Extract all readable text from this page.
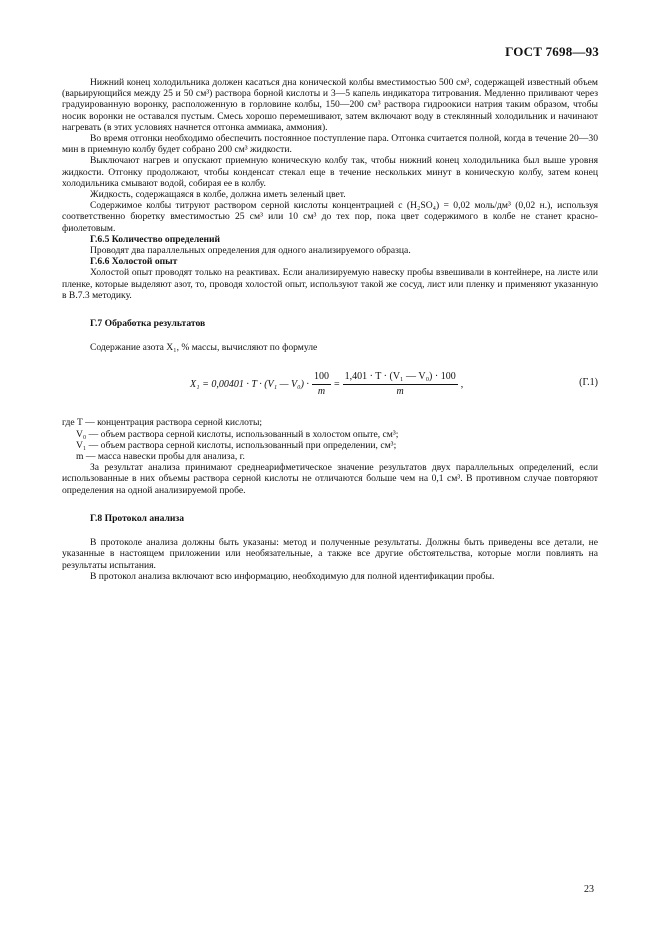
ГОСТ 7698—93

Нижний конец холодильника должен касаться дна конической колбы вместимостью 500 см³, содержащей известный объем (варьирующийся между 25 и 50 см³) раствора борной кислоты и 3—5 капель индикатора титрования. Медленно приливают через градуированную воронку, расположенную в горловине колбы, 150—200 см³ раствора гидроокиси натрия таким образом, чтобы носик воронки не оставался пустым. Смесь хорошо перемешивают, затем включают воду в стеклянный холодильник и начинают нагревать (в этих условиях начнется отгонка аммиака, аммония).

Во время отгонки необходимо обеспечить постоянное поступление пара. Отгонка считается полной, когда в течение 20—30 мин в приемную колбу будет собрано 200 см³ жидкости.

Выключают нагрев и опускают приемную коническую колбу так, чтобы нижний конец холодильника был выше уровня жидкости. Отгонку продолжают, чтобы конденсат стекал еще в течение нескольких минут в коническую колбу, затем конец холодильника смывают водой, собирая ее в колбу.

Жидкость, содержащаяся в колбе, должна иметь зеленый цвет.

Содержимое колбы титруют раствором серной кислоты концентрацией c (H₂SO₄) = 0,02 моль/дм³ (0,02 н.), используя соответственно бюретку вместимостью 25 см³ или 10 см³ до тех пор, пока цвет содержимого в колбе не станет красно-фиолетовым.

Г.6.5 Количество определений

Проводят два параллельных определения для одного анализируемого образца.

Г.6.6 Холостой опыт

Холостой опыт проводят только на реактивах. Если анализируемую навеску пробы взвешивали в контейнере, на листе или пленке, которые выделяют азот, то, проводя холостой опыт, используют такой же сосуд, лист или пленку и применяют указанную в В.7.3 методику.

Г.7 Обработка результатов

Содержание азота X₁, % массы, вычисляют по формуле

X₁ = 0,00401 · T · (V₁ — $V_0) \cdot \frac{100}{m} = \frac{\text{1,401 · T · (V₁ — V₀) · 100}}{m}$ ,	(Г.1)

где T — концентрация раствора серной кислоты;

V₀ — объем раствора серной кислоты, использованный в холостом опыте, см³;

V₁ — объем раствора серной кислоты, использованный при определении, см³;

m — масса навески пробы для анализа, г.

За результат анализа принимают среднеарифметическое значение результатов двух параллельных определений, если использованные в них объемы раствора серной кислоты не отличаются больше чем на 0,1 см³. В противном случае повторяют определения на одной анализируемой пробе.

Г.8 Протокол анализа

В протоколе анализа должны быть указаны: метод и полученные результаты. Должны быть приведены все детали, не указанные в настоящем приложении или необязательные, а также все другие обстоятельства, которые могли повлиять на результаты испытания.

В протокол анализа включают всю информацию, необходимую для полной идентификации пробы.

23
